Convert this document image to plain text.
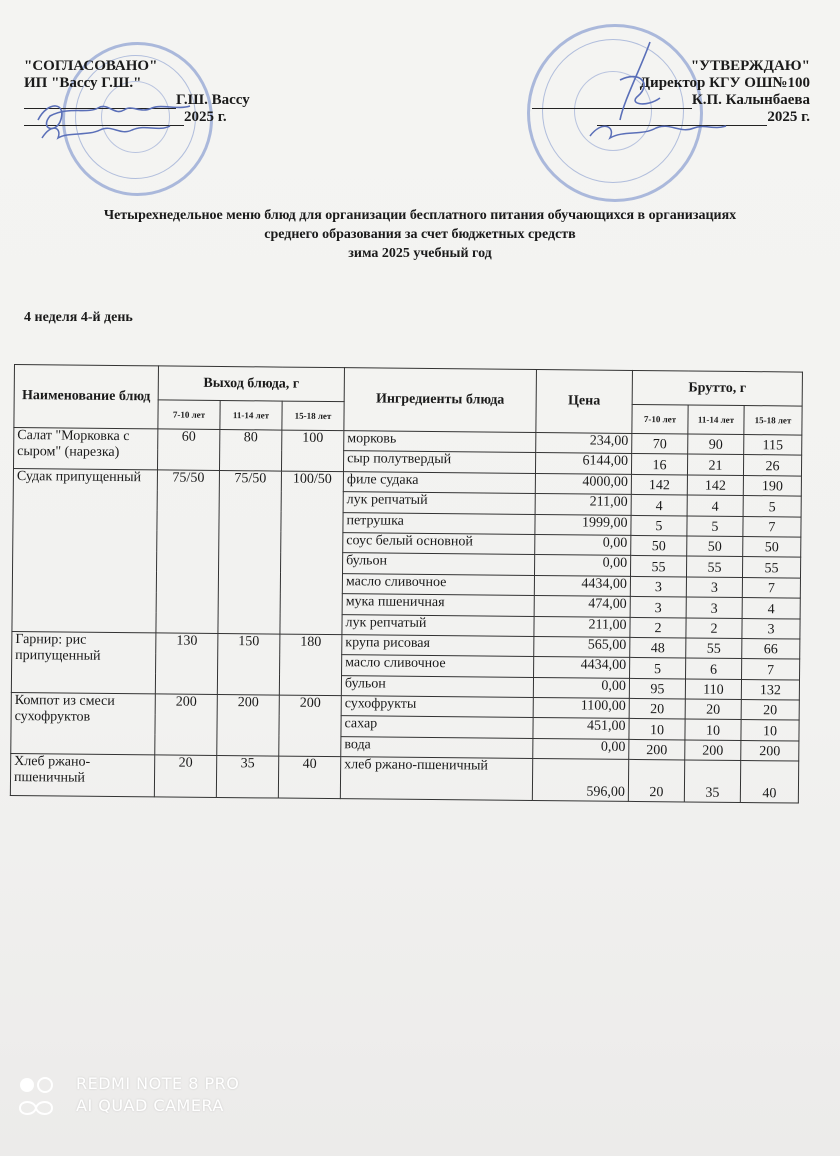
"СОГЛАСОВАНО"
ИП "Вассу Г.Ш."
Г.Ш. Вассу
2025 г.
"УТВЕРЖДАЮ"
Директор КГУ ОШ№100
К.П. Калынбаева
2025 г.
Четырехнедельное меню блюд для организации бесплатного питания обучающихся в организациях
среднего образования за счет бюджетных средств
зима 2025 учебный год
4 неделя 4-й день
Наименование блюд	Выход блюда, г			Ингредиенты блюда	Цена	Брутто, г		
	7-10 лет	11-14 лет	15-18 лет			7-10 лет	11-14 лет	15-18 лет
Салат "Морковка с сыром" (нарезка)	60	80	100	морковь	234,00	70	90	115
				сыр полутвердый	6144,00	16	21	26
Судак припущенный	75/50	75/50	100/50	филе судака	4000,00	142	142	190
				лук репчатый	211,00	4	4	5
				петрушка	1999,00	5	5	7
				соус белый основной	0,00	50	50	50
				бульон	0,00	55	55	55
				масло сливочное	4434,00	3	3	7
				мука пшеничная	474,00	3	3	4
				лук репчатый	211,00	2	2	3
Гарнир: рис припущенный	130	150	180	крупа рисовая	565,00	48	55	66
				масло сливочное	4434,00	5	6	7
				бульон	0,00	95	110	132
Компот из смеси сухофруктов	200	200	200	сухофрукты	1100,00	20	20	20
				сахар	451,00	10	10	10
				вода	0,00	200	200	200
Хлеб ржано-пшеничный	20	35	40	хлеб ржано-пшеничный	596,00	20	35	40
REDMI NOTE 8 PRO
AI QUAD CAMERA
